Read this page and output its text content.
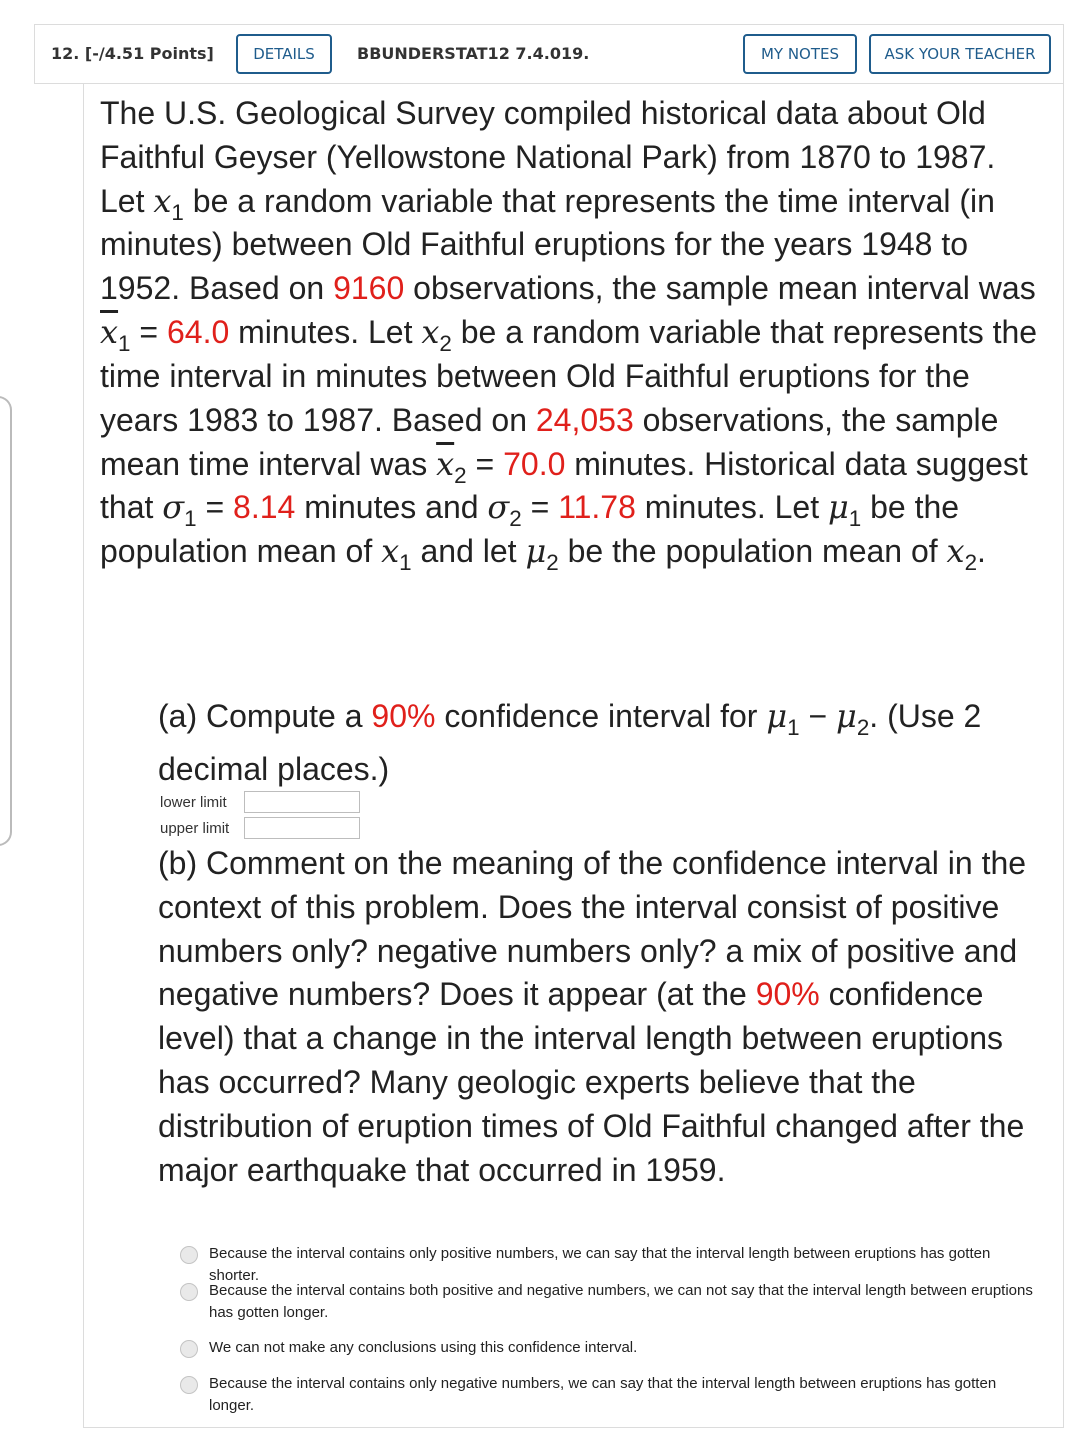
12. [-/4.51 Points]	DETAILS	BBUNDERSTAT12 7.4.019.	MY NOTES	ASK YOUR TEACHER

The U.S. Geological Survey compiled historical data about Old Faithful Geyser (Yellowstone National Park) from 1870 to 1987. Let $x_1$ be a random variable that represents the time interval (in minutes) between Old Faithful eruptions for the years 1948 to 1952. Based on 9160 observations, the sample mean interval was $\overline{x}_1 = 64.0$ minutes. Let $x_2$ be a random variable that represents the time interval in minutes between Old Faithful eruptions for the years 1983 to 1987. Based on 24,053 observations, the sample mean time interval was $\overline{x}_2 = 70.0$ minutes. Historical data suggest that $\sigma_1 = 8.14$ minutes and $\sigma_2 = 11.78$ minutes. Let $\mu_1$ be the population mean of $x_1$ and let $\mu_2$ be the population mean of $x_2$.

(a) Compute a 90% confidence interval for $\mu_1 - \mu_2$. (Use 2 decimal places.)

lower limit
upper limit

(b) Comment on the meaning of the confidence interval in the context of this problem. Does the interval consist of positive numbers only? negative numbers only? a mix of positive and negative numbers? Does it appear (at the 90% confidence level) that a change in the interval length between eruptions has occurred? Many geologic experts believe that the distribution of eruption times of Old Faithful changed after the major earthquake that occurred in 1959.

Because the interval contains only positive numbers, we can say that the interval length between eruptions has gotten shorter.
Because the interval contains both positive and negative numbers, we can not say that the interval length between eruptions has gotten longer.
We can not make any conclusions using this confidence interval.
Because the interval contains only negative numbers, we can say that the interval length between eruptions has gotten longer.
